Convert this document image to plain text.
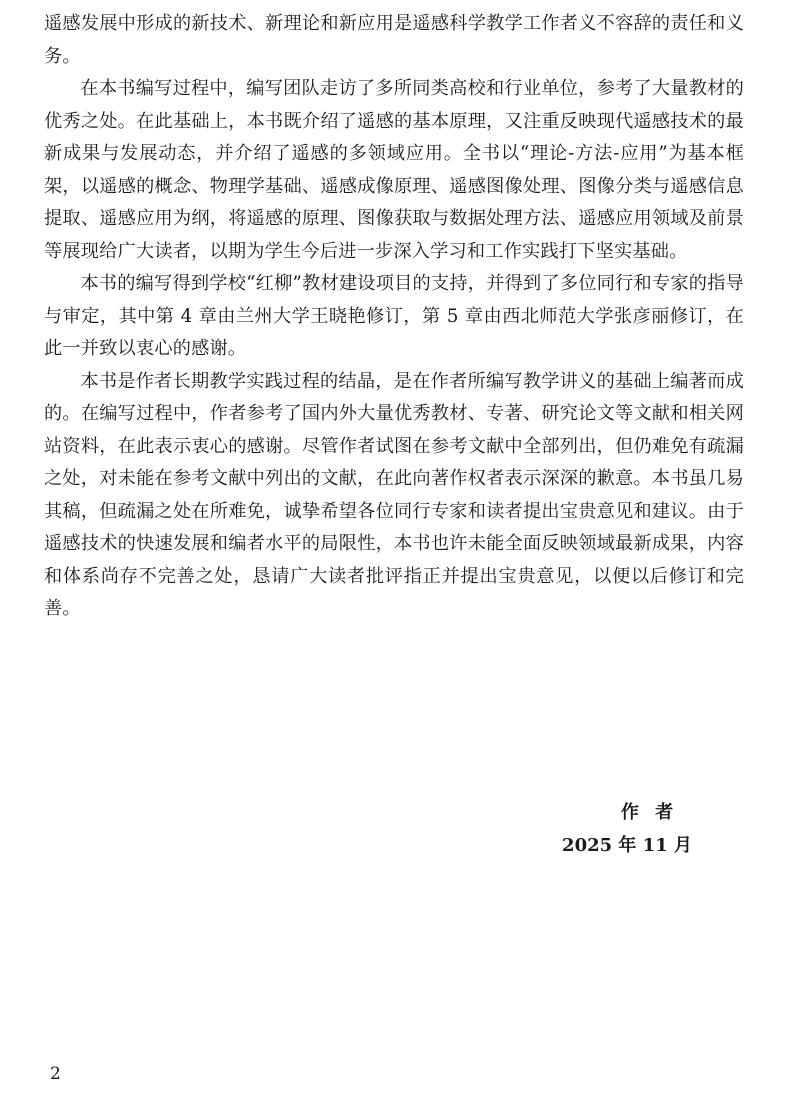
遥感发展中形成的新技术、新理论和新应用是遥感科学教学工作者义不容辞的责任和义务。

在本书编写过程中，编写团队走访了多所同类高校和行业单位，参考了大量教材的优秀之处。在此基础上，本书既介绍了遥感的基本原理，又注重反映现代遥感技术的最新成果与发展动态，并介绍了遥感的多领域应用。全书以“理论-方法-应用”为基本框架，以遥感的概念、物理学基础、遥感成像原理、遥感图像处理、图像分类与遥感信息提取、遥感应用为纲，将遥感的原理、图像获取与数据处理方法、遥感应用领域及前景等展现给广大读者，以期为学生今后进一步深入学习和工作实践打下坚实基础。

本书的编写得到学校“红柳”教材建设项目的支持，并得到了多位同行和专家的指导与审定，其中第 4 章由兰州大学王晓艳修订，第 5 章由西北师范大学张彦丽修订，在此一并致以衷心的感谢。

本书是作者长期教学实践过程的结晶，是在作者所编写教学讲义的基础上编著而成的。在编写过程中，作者参考了国内外大量优秀教材、专著、研究论文等文献和相关网站资料，在此表示衷心的感谢。尽管作者试图在参考文献中全部列出，但仍难免有疏漏之处，对未能在参考文献中列出的文献，在此向著作权者表示深深的歉意。本书虽几易其稿，但疏漏之处在所难免，诚挚希望各位同行专家和读者提出宝贵意见和建议。由于遥感技术的快速发展和编者水平的局限性，本书也许未能全面反映领域最新成果，内容和体系尚存不完善之处，恳请广大读者批评指正并提出宝贵意见，以便以后修订和完善。

作者
2025 年 11 月
2
